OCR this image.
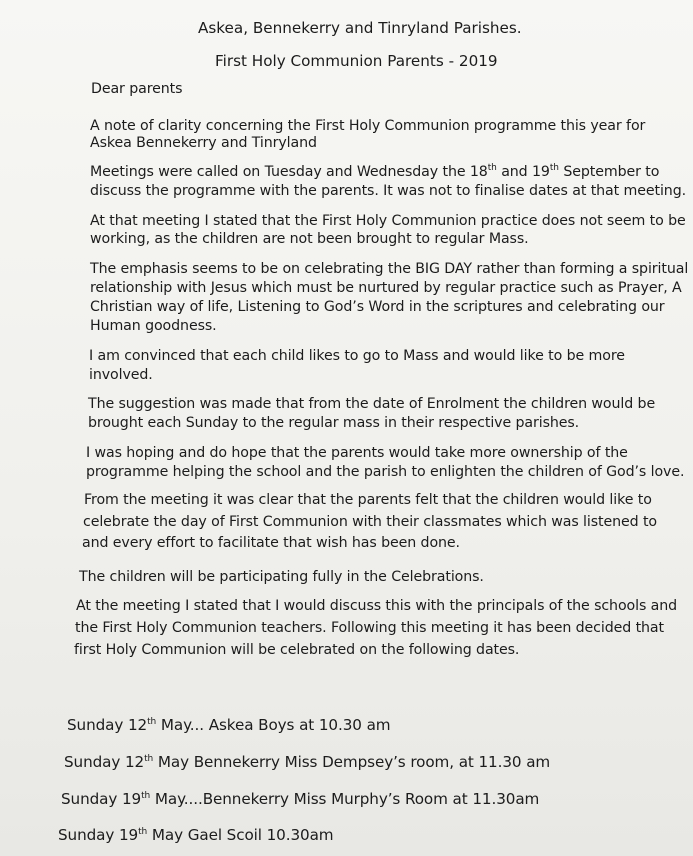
Askea, Bennekerry and Tinryland Parishes.
First Holy Communion Parents - 2019
Dear parents
A note of clarity concerning the First Holy Communion programme this year for
Askea Bennekerry and Tinryland
Meetings were called on Tuesday and Wednesday the 18th and 19th September to
discuss the programme with the parents. It was not to finalise dates at that meeting.
At that meeting I stated that the First Holy Communion practice does not seem to be
working, as the children are not been brought to regular Mass.
The emphasis seems to be on celebrating the BIG DAY rather than forming a spiritual
relationship with Jesus which must be nurtured by regular practice such as Prayer, A
Christian way of life, Listening to God’s Word in the scriptures and celebrating our
Human goodness.
I am convinced that each child likes to go to Mass and would like to be more
involved.
The suggestion was made that from the date of Enrolment the children would be
brought each Sunday to the regular mass in their respective parishes.
I was hoping and do hope that the parents would take more ownership of the
programme helping the school and the parish to enlighten the children of God’s love.
From the meeting it was clear that the parents felt that the children would like to
celebrate the day of First Communion with their classmates which was listened to
and every effort to facilitate that wish has been done.
The children will be participating fully in the Celebrations.
At the meeting I stated that I would discuss this with the principals of the schools and
the First Holy Communion teachers. Following this meeting it has been decided that
first Holy Communion will be celebrated on the following dates.
Sunday 12th May... Askea Boys at 10.30 am
Sunday 12th May Bennekerry Miss Dempsey’s room, at 11.30 am
Sunday 19th May....Bennekerry Miss Murphy’s Room at 11.30am
Sunday 19th May Gael Scoil 10.30am
